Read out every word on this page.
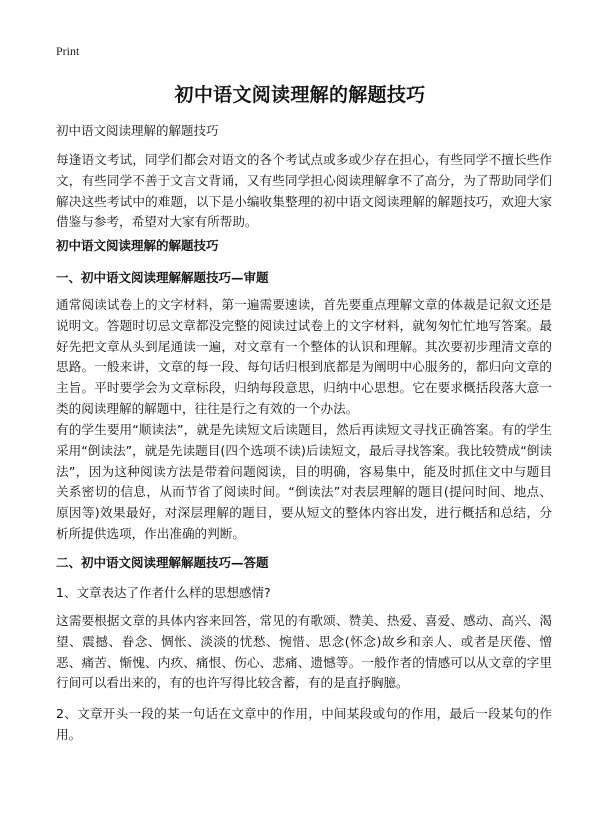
Print
初中语文阅读理解的解题技巧
初中语文阅读理解的解题技巧

每逢语文考试，同学们都会对语文的各个考试点或多或少存在担心，有些同学不擅长些作文，有些同学不善于文言文背诵，又有些同学担心阅读理解拿不了高分，为了帮助同学们解决这些考试中的难题，以下是小编收集整理的初中语文阅读理解的解题技巧，欢迎大家借鉴与参考，希望对大家有所帮助。

初中语文阅读理解的解题技巧
一、初中语文阅读理解解题技巧—审题

通常阅读试卷上的文字材料，第一遍需要速读，首先要重点理解文章的体裁是记叙文还是说明文。答题时切忌文章都没完整的阅读过试卷上的文字材料，就匆匆忙忙地写答案。最好先把文章从头到尾通读一遍，对文章有一个整体的认识和理解。其次要初步理清文章的思路。一般来讲，文章的每一段、每句话归根到底都是为阐明中心服务的，都归向文章的主旨。平时要学会为文章标段，归纳每段意思，归纳中心思想。它在要求概括段落大意一类的阅读理解的解题中，往往是行之有效的一个办法。

有的学生要用“顺读法”，就是先读短文后读题目，然后再读短文寻找正确答案。有的学生采用“倒读法”，就是先读题目(四个选项不读)后读短文，最后寻找答案。我比较赞成“倒读法”，因为这种阅读方法是带着问题阅读，目的明确，容易集中，能及时抓住文中与题目关系密切的信息，从而节省了阅读时间。“倒读法”对表层理解的题目(提问时间、地点、原因等)效果最好，对深层理解的题目，要从短文的整体内容出发，进行概括和总结，分析所提供选项，作出准确的判断。

二、初中语文阅读理解解题技巧—答题
1、文章表达了作者什么样的思想感情?

这需要根据文章的具体内容来回答，常见的有歌颂、赞美、热爱、喜爱、感动、高兴、渴望、震撼、眷念、惆怅、淡淡的忧愁、惋惜、思念(怀念)故乡和亲人、或者是厌倦、憎恶、痛苦、惭愧、内疚、痛恨、伤心、悲痛、遗憾等。一般作者的情感可以从文章的字里行间可以看出来的，有的也许写得比较含蓄，有的是直抒胸臆。

2、文章开头一段的某一句话在文章中的作用，中间某段或句的作用，最后一段某句的作用。
